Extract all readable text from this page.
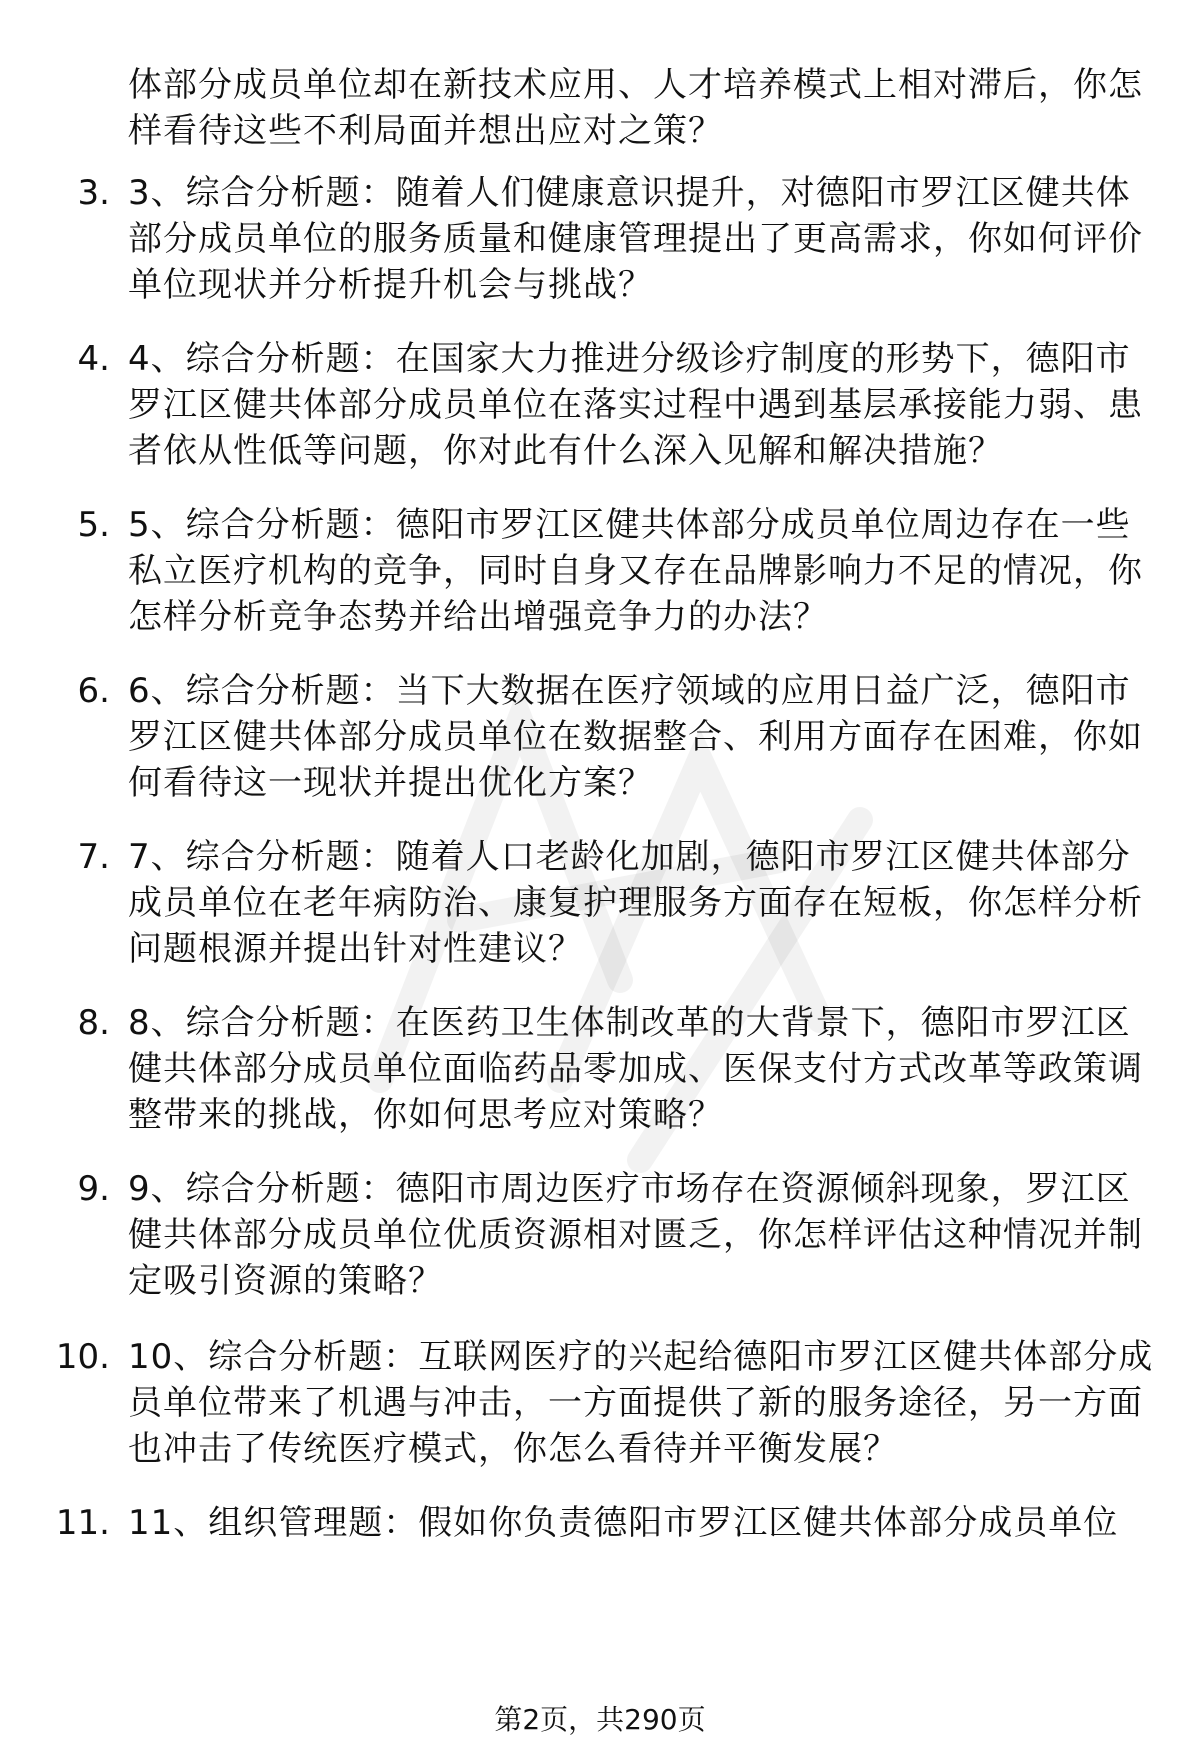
体部分成员单位却在新技术应用、人才培养模式上相对滞后，你怎样看待这些不利局面并想出应对之策？
3. 3、综合分析题：随着人们健康意识提升，对德阳市罗江区健共体部分成员单位的服务质量和健康管理提出了更高需求，你如何评价单位现状并分析提升机会与挑战？
4. 4、综合分析题：在国家大力推进分级诊疗制度的形势下，德阳市罗江区健共体部分成员单位在落实过程中遇到基层承接能力弱、患者依从性低等问题，你对此有什么深入见解和解决措施？
5. 5、综合分析题：德阳市罗江区健共体部分成员单位周边存在一些私立医疗机构的竞争，同时自身又存在品牌影响力不足的情况，你怎样分析竞争态势并给出增强竞争力的办法？
6. 6、综合分析题：当下大数据在医疗领域的应用日益广泛，德阳市罗江区健共体部分成员单位在数据整合、利用方面存在困难，你如何看待这一现状并提出优化方案？
7. 7、综合分析题：随着人口老龄化加剧，德阳市罗江区健共体部分成员单位在老年病防治、康复护理服务方面存在短板，你怎样分析问题根源并提出针对性建议？
8. 8、综合分析题：在医药卫生体制改革的大背景下，德阳市罗江区健共体部分成员单位面临药品零加成、医保支付方式改革等政策调整带来的挑战，你如何思考应对策略？
9. 9、综合分析题：德阳市周边医疗市场存在资源倾斜现象，罗江区健共体部分成员单位优质资源相对匮乏，你怎样评估这种情况并制定吸引资源的策略？
10. 10、综合分析题：互联网医疗的兴起给德阳市罗江区健共体部分成员单位带来了机遇与冲击，一方面提供了新的服务途径，另一方面也冲击了传统医疗模式，你怎么看待并平衡发展？
11. 11、组织管理题：假如你负责德阳市罗江区健共体部分成员单位
第2页，共290页
